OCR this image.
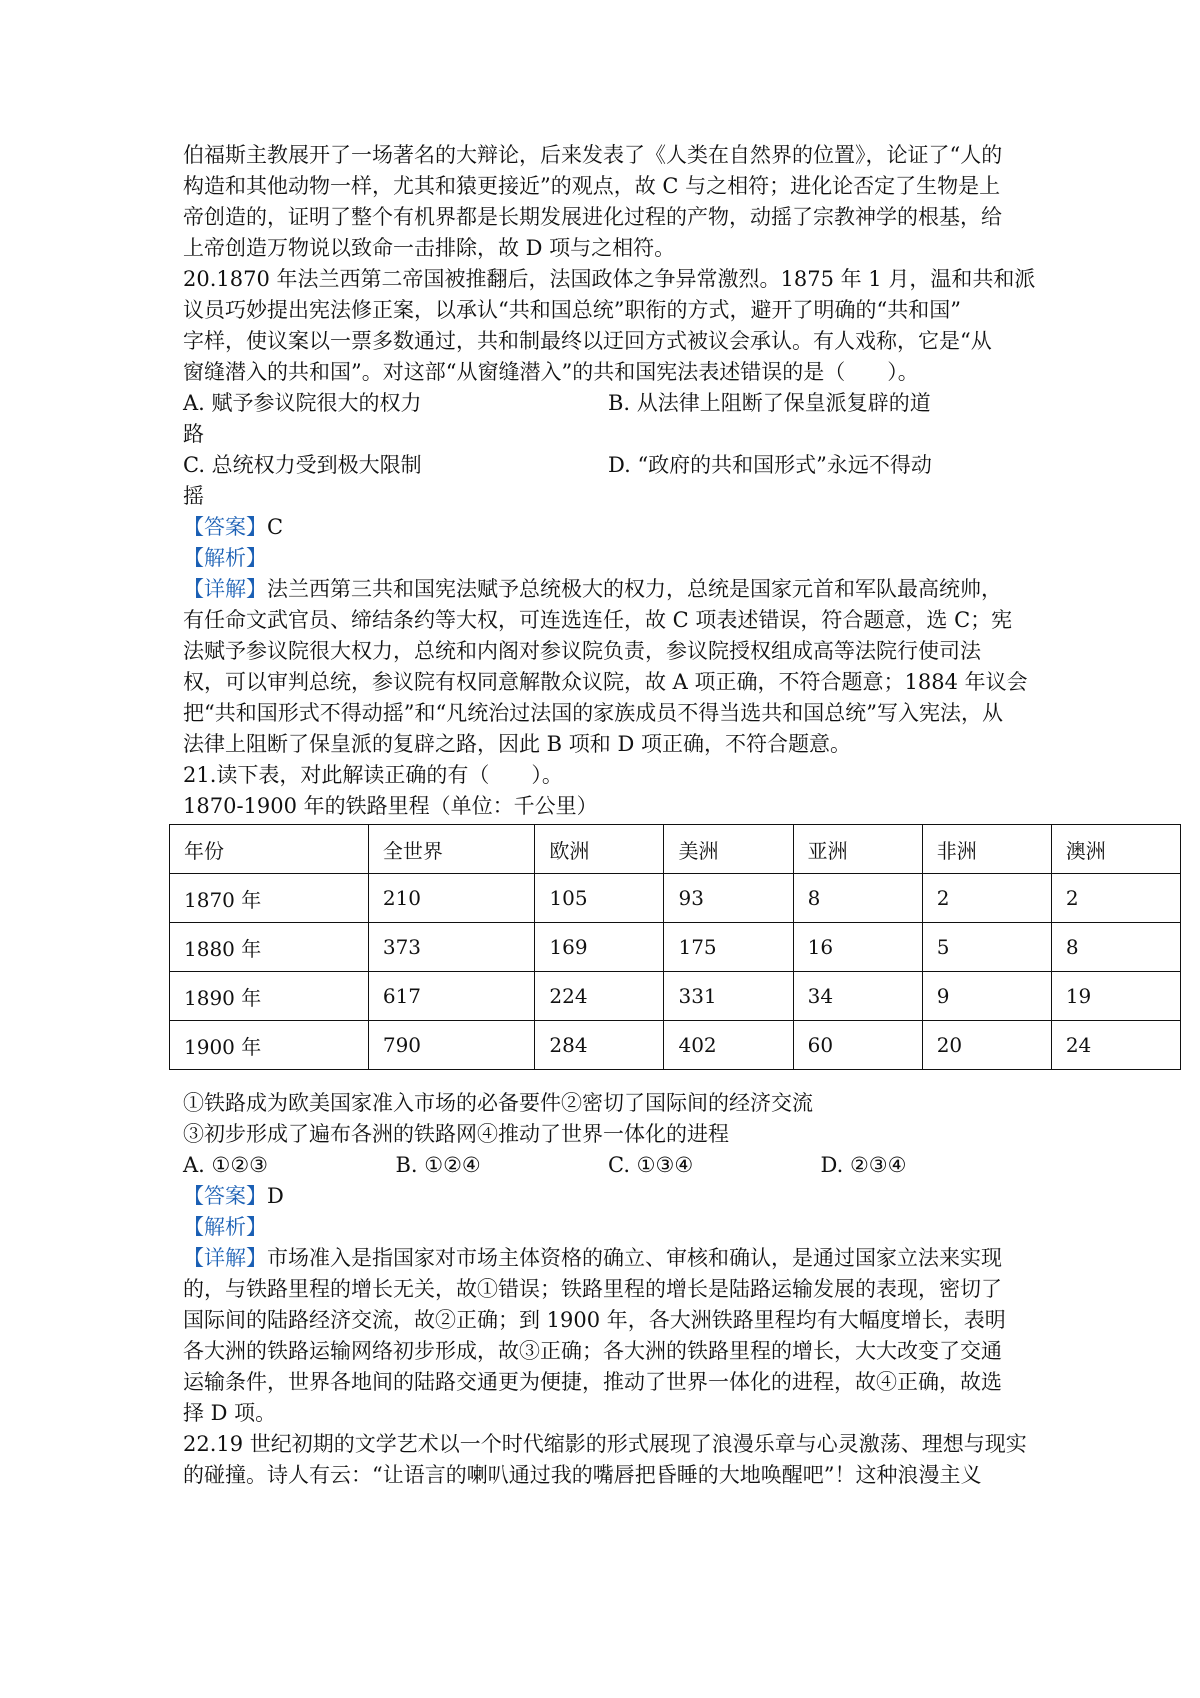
伯福斯主教展开了一场著名的大辩论，后来发表了《人类在自然界的位置》，论证了“人的
构造和其他动物一样，尤其和猿更接近”的观点，故 C 与之相符；进化论否定了生物是上
帝创造的，证明了整个有机界都是长期发展进化过程的产物，动摇了宗教神学的根基，给
上帝创造万物说以致命一击排除，故 D 项与之相符。
20.1870 年法兰西第二帝国被推翻后，法国政体之争异常激烈。1875 年 1 月，温和共和派
议员巧妙提出宪法修正案，以承认“共和国总统”职衔的方式，避开了明确的“共和国”
字样，使议案以一票多数通过，共和制最终以迂回方式被议会承认。有人戏称，它是“从
窗缝潜入的共和国”。对这部“从窗缝潜入”的共和国宪法表述错误的是（　　）。
A. 赋予参议院很大的权力	B. 从法律上阻断了保皇派复辟的道
路
C. 总统权力受到极大限制	D. “政府的共和国形式”永远不得动
摇
【答案】C
【解析】
【详解】法兰西第三共和国宪法赋予总统极大的权力，总统是国家元首和军队最高统帅，
有任命文武官员、缔结条约等大权，可连选连任，故 C 项表述错误，符合题意，选 C；宪
法赋予参议院很大权力，总统和内阁对参议院负责，参议院授权组成高等法院行使司法
权，可以审判总统，参议院有权同意解散众议院，故 A 项正确，不符合题意；1884 年议会
把“共和国形式不得动摇”和“凡统治过法国的家族成员不得当选共和国总统”写入宪法，从
法律上阻断了保皇派的复辟之路，因此 B 项和 D 项正确，不符合题意。
21.读下表，对此解读正确的有（　　）。
1870-1900 年的铁路里程（单位：千公里）
年份	全世界	欧洲	美洲	亚洲	非洲	澳洲
1870 年	210	105	93	8	2	2
1880 年	373	169	175	16	5	8
1890 年	617	224	331	34	9	19
1900 年	790	284	402	60	20	24
①铁路成为欧美国家准入市场的必备要件②密切了国际间的经济交流
③初步形成了遍布各洲的铁路网④推动了世界一体化的进程
A. ①②③	B. ①②④	C. ①③④	D. ②③④
【答案】D
【解析】
【详解】市场准入是指国家对市场主体资格的确立、审核和确认，是通过国家立法来实现
的，与铁路里程的增长无关，故①错误；铁路里程的增长是陆路运输发展的表现，密切了
国际间的陆路经济交流，故②正确；到 1900 年，各大洲铁路里程均有大幅度增长，表明
各大洲的铁路运输网络初步形成，故③正确；各大洲的铁路里程的增长，大大改变了交通
运输条件，世界各地间的陆路交通更为便捷，推动了世界一体化的进程，故④正确，故选
择 D 项。
22.19 世纪初期的文学艺术以一个时代缩影的形式展现了浪漫乐章与心灵激荡、理想与现实
的碰撞。诗人有云：“让语言的喇叭通过我的嘴唇把昏睡的大地唤醒吧”！这种浪漫主义
